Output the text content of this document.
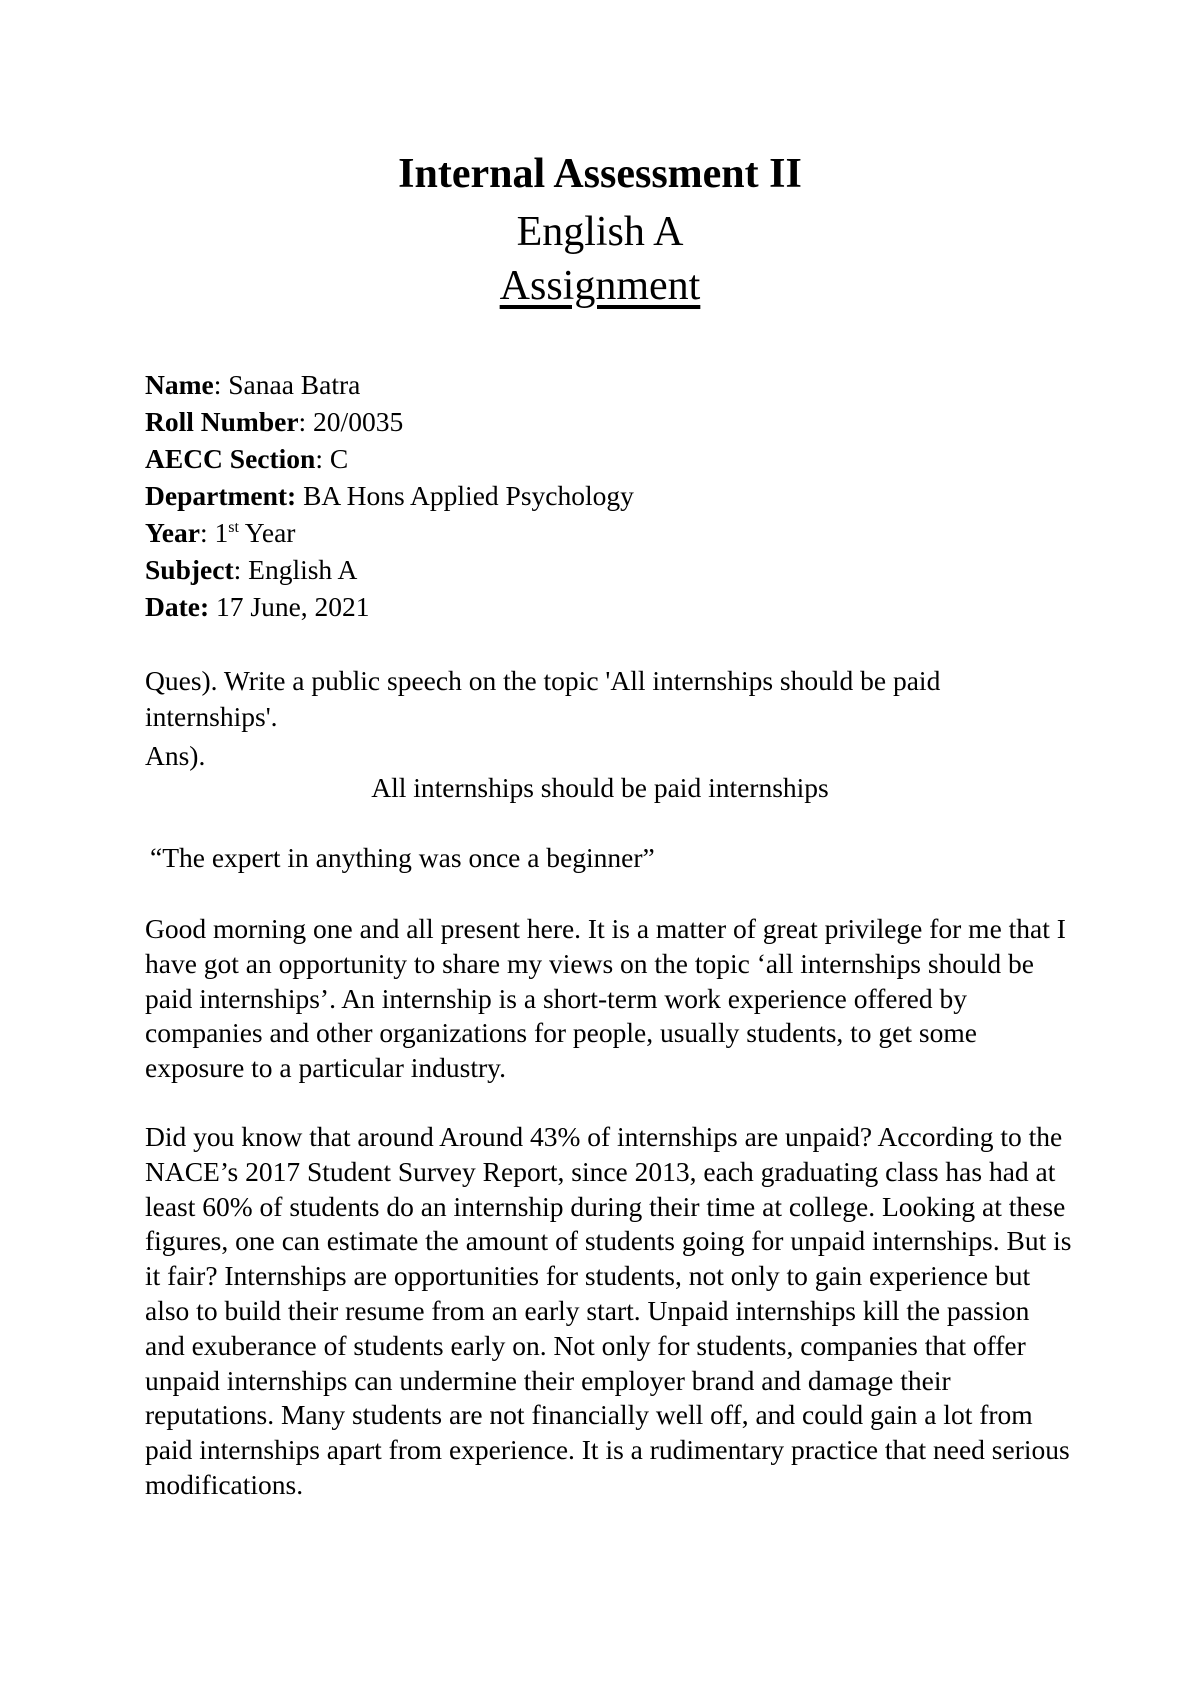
Internal Assessment II
English A
Assignment
Name: Sanaa Batra
Roll Number: 20/0035
AECC Section: C
Department: BA Hons Applied Psychology
Year: 1st Year
Subject: English A
Date: 17 June, 2021
Ques). Write a public speech on the topic 'All internships should be paid internships'.
Ans).
All internships should be paid internships
“The expert in anything was once a beginner”

Good morning one and all present here. It is a matter of great privilege for me that I have got an opportunity to share my views on the topic ‘all internships should be paid internships’. An internship is a short-term work experience offered by companies and other organizations for people, usually students, to get some exposure to a particular industry.

Did you know that around Around 43% of internships are unpaid? According to the NACE’s 2017 Student Survey Report, since 2013, each graduating class has had at least 60% of students do an internship during their time at college. Looking at these figures, one can estimate the amount of students going for unpaid internships. But is it fair? Internships are opportunities for students, not only to gain experience but also to build their resume from an early start. Unpaid internships kill the passion and exuberance of students early on. Not only for students, companies that offer unpaid internships can undermine their employer brand and damage their reputations. Many students are not financially well off, and could gain a lot from paid internships apart from experience. It is a rudimentary practice that need serious modifications.
